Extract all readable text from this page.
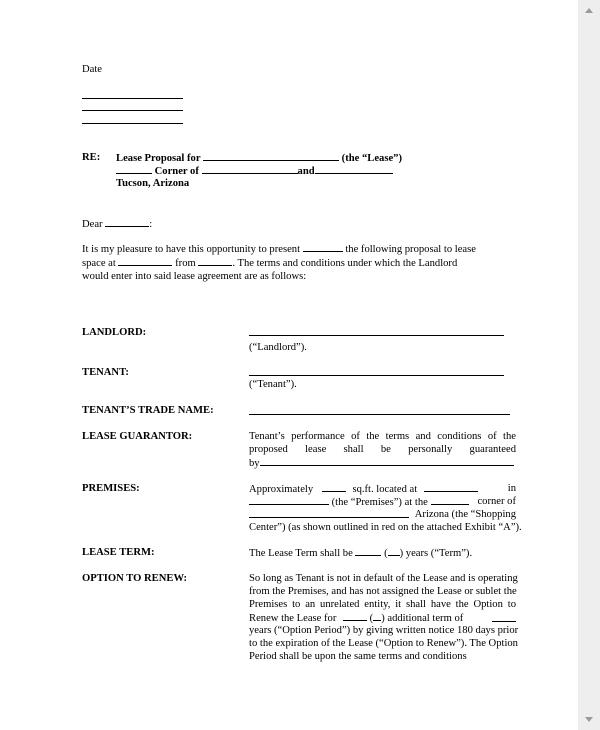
Date
RE: Lease Proposal for	(the “Lease”)
Corner of	and
Tucson, Arizona
Dear	:
It is my pleasure to have this opportunity to present	the following proposal to lease
space at	from	. The terms and conditions under which the Landlord
would enter into said lease agreement are as follows:
LANDLORD:
(“Landlord”).
TENANT:
(“Tenant”).
TENANT’S TRADE NAME:
LEASE GUARANTOR:	Tenant’s performance of the terms and conditions of the
proposed lease shall be personally guaranteed
by
PREMISES:	Approximately	sq.ft. located at	in
(the “Premises”) at the	corner of
Arizona (the “Shopping
Center”) (as shown outlined in red on the attached Exhibit “A”).
LEASE TERM:	The Lease Term shall be	( ) years (“Term”).
OPTION TO RENEW:	So long as Tenant is not in default of the Lease and is operating
from the Premises, and has not assigned the Lease or sublet the
Premises to an unrelated entity, it shall have the Option to
Renew the Lease for	( ) additional term of
years (“Option Period”) by giving written notice 180 days prior
to the expiration of the Lease (“Option to Renew”). The Option
Period shall be upon the same terms and conditions
